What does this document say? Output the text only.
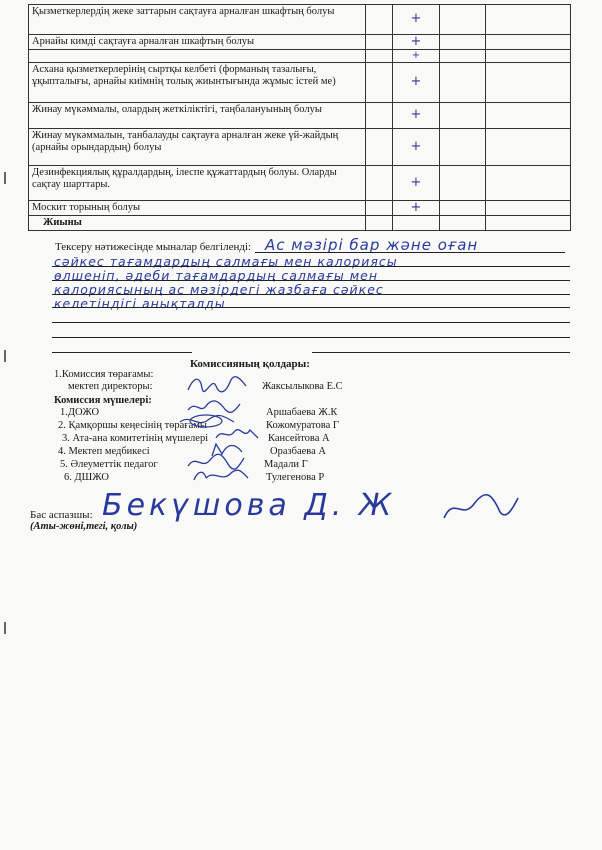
Қызметкерлердің жеке заттарын сақтауға арналған шкафтың болуы		+		
Арнайы кимді сақтауға арналған шкафтың болуы		+		
		+		
Асхана қызметкерлерінің сыртқы келбеті (форманың тазалығы, ұқыпталығы, арнайы киімнің толық жиынтығында жұмыс істей ме)		+		
Жинау мүкәммалы, олардың жеткіліктігі, таңбалануының болуы		+		
Жинау мүкәммалын, танбалауды сақтауға арналған жеке үй-жайдың (арнайы орындардың) болуы		+		
Дезинфекциялық құралдардың, ілеспе құжаттардың болуы. Оларды сақтау шарттары.		+		
Москит торының болуы		+		
Жиыны				
Тексеру нәтижесінде мыналар белгіленді: Ас мәзірі бар және оған
сәйкес тағамдардың салмағы мен калориясы
өлшеніп, әдеби тағамдардың салмағы мен
калориясының ас мәзірдегі жазбаға сәйкес
келетіндігі анықталды
Комиссияның қолдары:
1.Комиссия төрағамы:
мектеп директоры:	Жаксылыкова Е.С
Комиссия мүшелері:
1.ДОЖО	Аршабаева Ж.К
2. Қамқоршы кеңесінің төрағамы	Кожомуратова Г
3. Ата-ана комитетінің мүшелері	Кансейтова А
4. Мектеп медбикесі	Оразбаева А
5. Әлеуметтік педагог	Мадали Г
6. ДШЖО	Тулегенова Р
Бас аспазшы: Бекүшова Д. Ж
(Аты-жөні,тегі, қолы)
